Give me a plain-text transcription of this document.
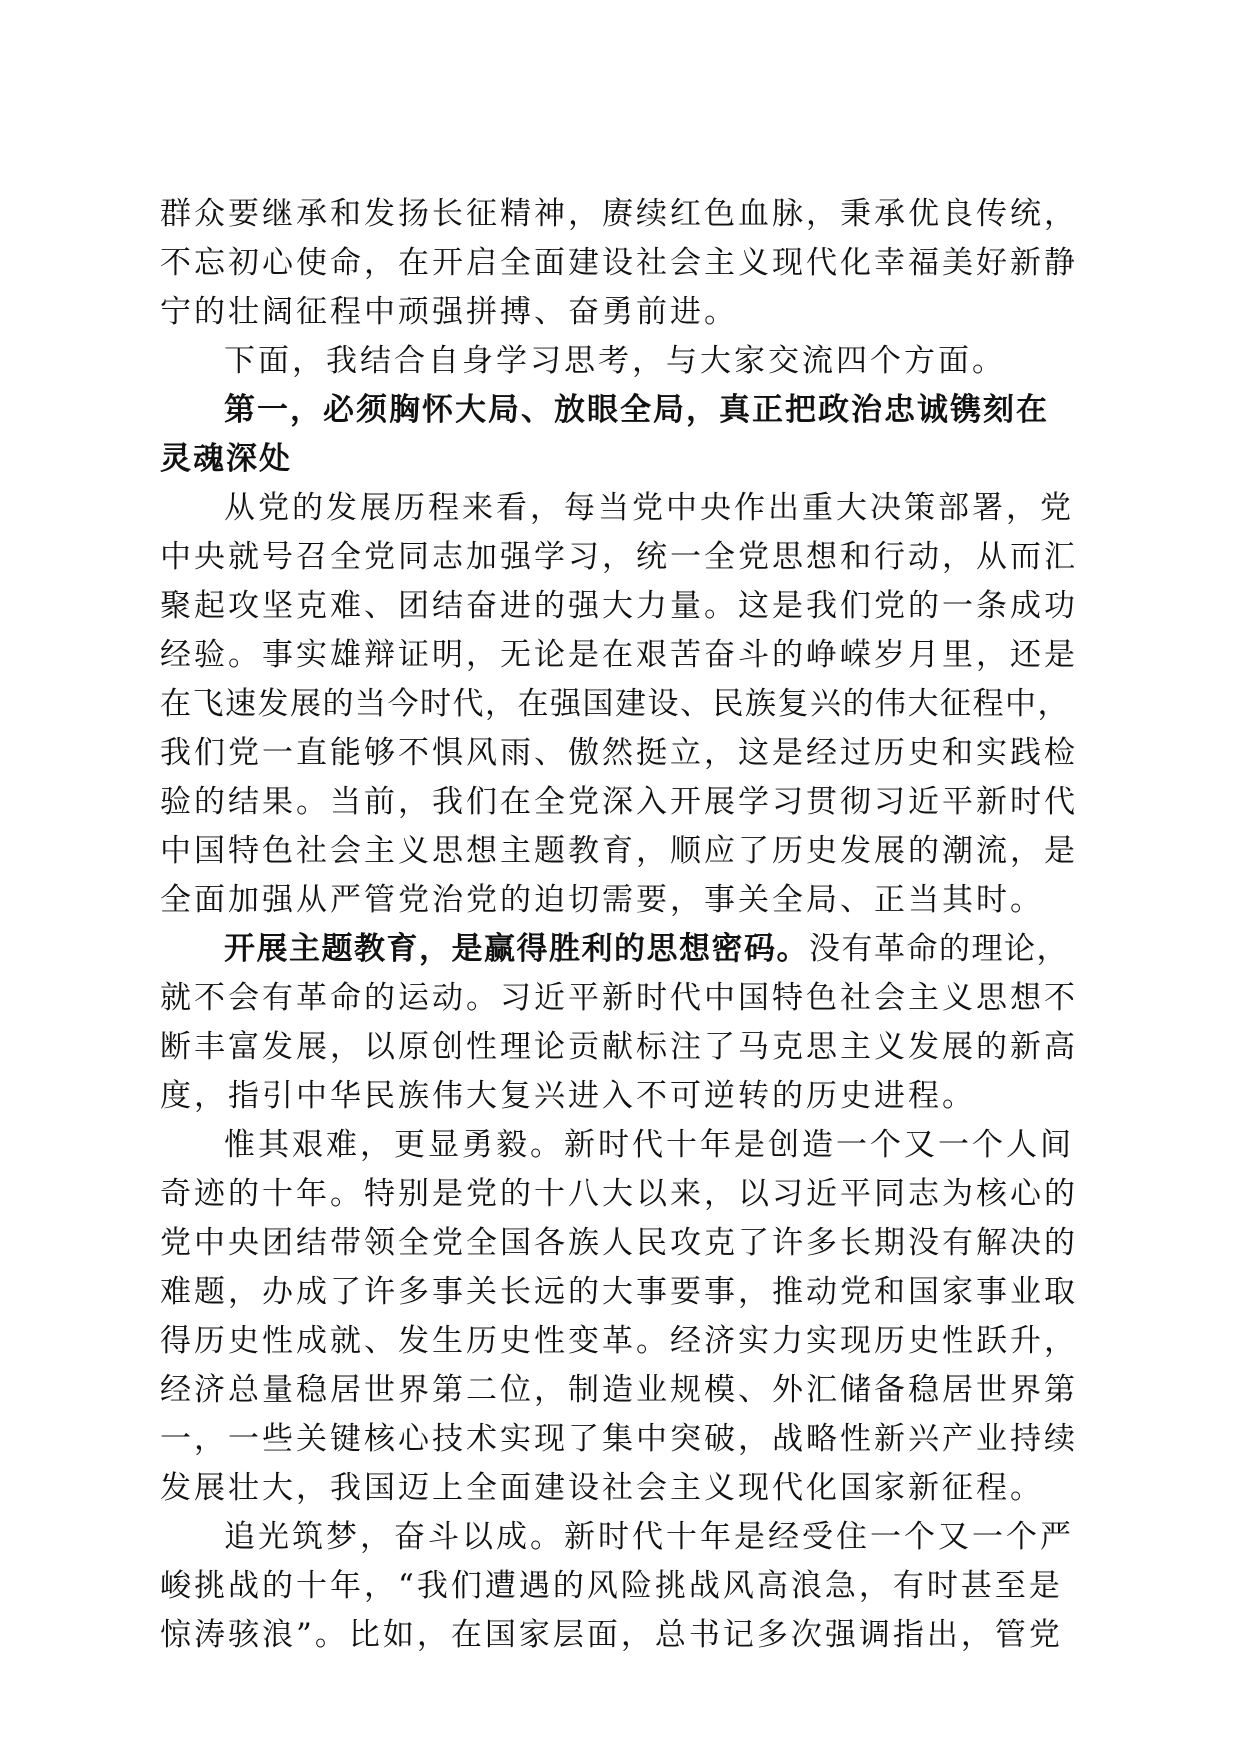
群众要继承和发扬长征精神，赓续红色血脉，秉承优良传统，
不忘初心使命，在开启全面建设社会主义现代化幸福美好新静
宁的壮阔征程中顽强拼搏、奋勇前进。
下面，我结合自身学习思考，与大家交流四个方面。
第一，必须胸怀大局、放眼全局，真正把政治忠诚镌刻在
灵魂深处
从党的发展历程来看，每当党中央作出重大决策部署，党
中央就号召全党同志加强学习，统一全党思想和行动，从而汇
聚起攻坚克难、团结奋进的强大力量。这是我们党的一条成功
经验。事实雄辩证明，无论是在艰苦奋斗的峥嵘岁月里，还是
在飞速发展的当今时代，在强国建设、民族复兴的伟大征程中，
我们党一直能够不惧风雨、傲然挺立，这是经过历史和实践检
验的结果。当前，我们在全党深入开展学习贯彻习近平新时代
中国特色社会主义思想主题教育，顺应了历史发展的潮流，是
全面加强从严管党治党的迫切需要，事关全局、正当其时。
开展主题教育，是赢得胜利的思想密码。没有革命的理论，
就不会有革命的运动。习近平新时代中国特色社会主义思想不
断丰富发展，以原创性理论贡献标注了马克思主义发展的新高
度，指引中华民族伟大复兴进入不可逆转的历史进程。
惟其艰难，更显勇毅。新时代十年是创造一个又一个人间
奇迹的十年。特别是党的十八大以来，以习近平同志为核心的
党中央团结带领全党全国各族人民攻克了许多长期没有解决的
难题，办成了许多事关长远的大事要事，推动党和国家事业取
得历史性成就、发生历史性变革。经济实力实现历史性跃升，
经济总量稳居世界第二位，制造业规模、外汇储备稳居世界第
一，一些关键核心技术实现了集中突破，战略性新兴产业持续
发展壮大，我国迈上全面建设社会主义现代化国家新征程。
追光筑梦，奋斗以成。新时代十年是经受住一个又一个严
峻挑战的十年，“我们遭遇的风险挑战风高浪急，有时甚至是
惊涛骇浪”。比如，在国家层面，总书记多次强调指出，管党
